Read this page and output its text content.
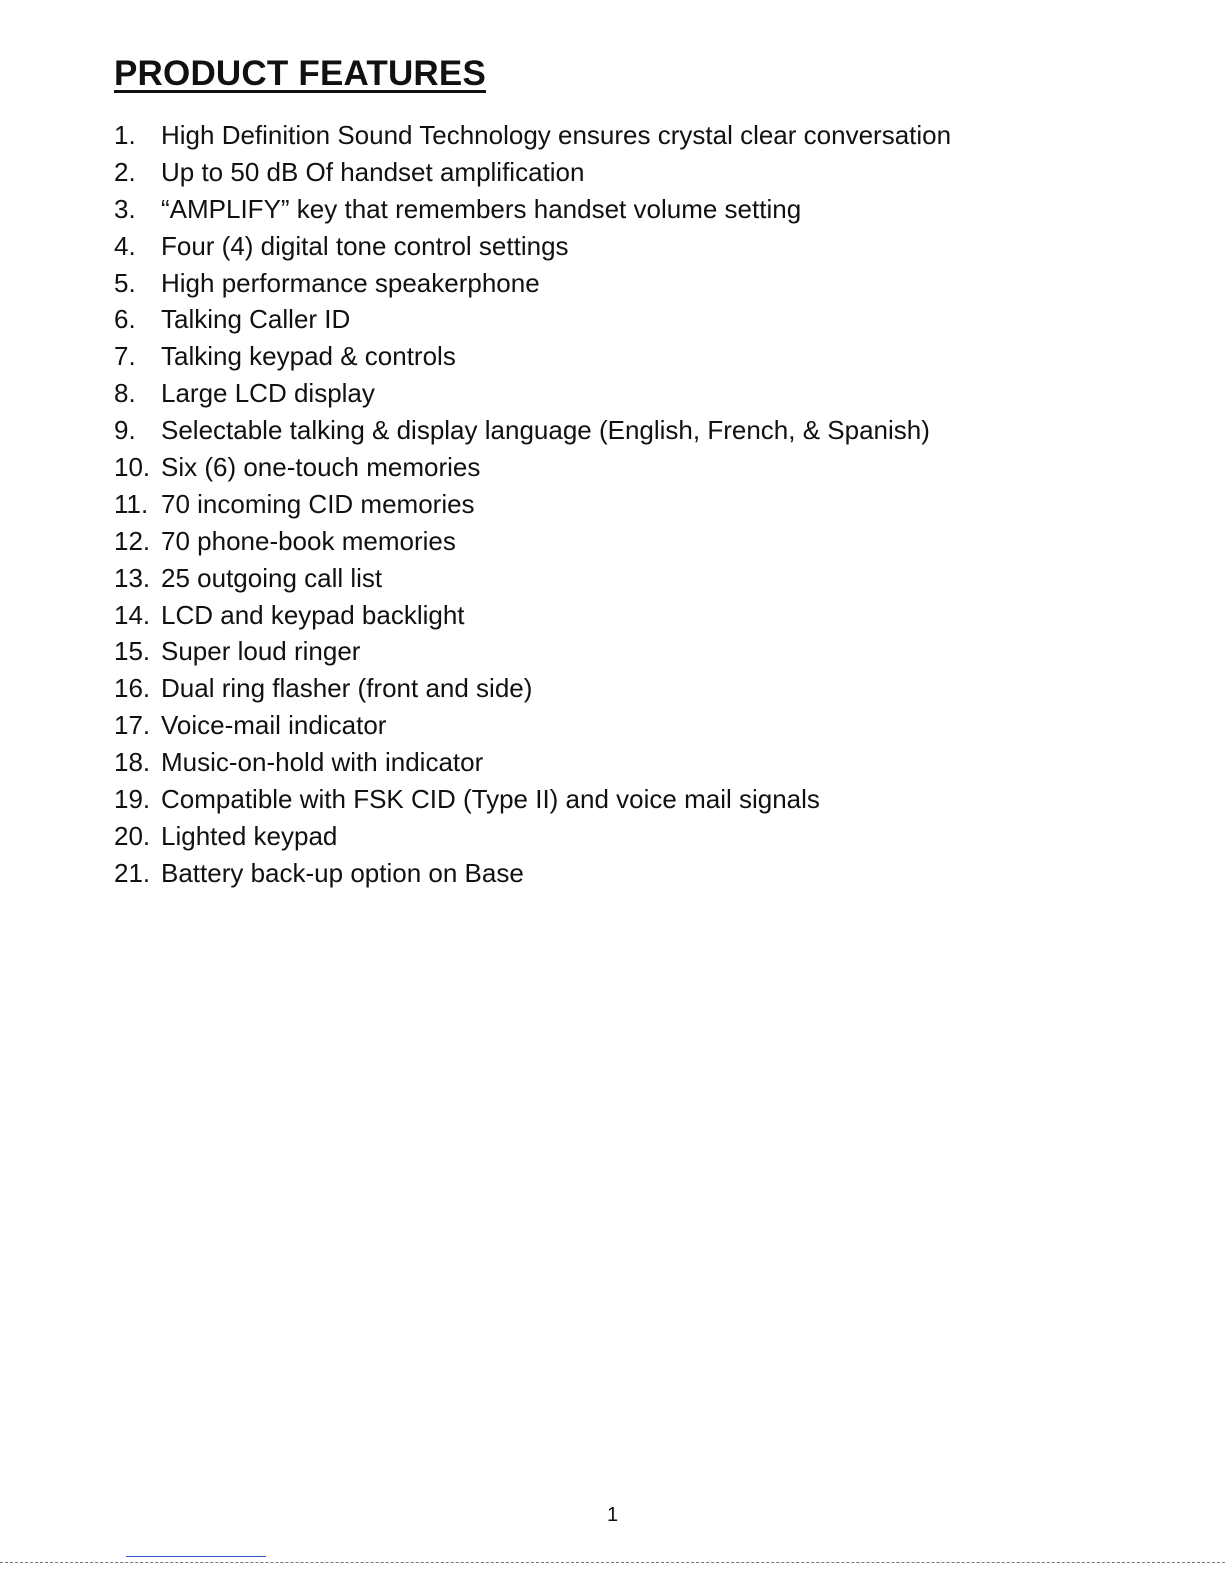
PRODUCT FEATURES
1. High Definition Sound Technology ensures crystal clear conversation
2. Up to 50 dB Of handset amplification
3. “AMPLIFY” key that remembers handset volume setting
4. Four (4) digital tone control settings
5. High performance speakerphone
6. Talking Caller ID
7. Talking keypad & controls
8. Large LCD display
9. Selectable talking & display language (English, French, & Spanish)
10. Six (6) one-touch memories
11. 70 incoming CID memories
12. 70 phone-book memories
13. 25 outgoing call list
14. LCD and keypad backlight
15. Super loud ringer
16. Dual ring flasher (front and side)
17. Voice-mail indicator
18. Music-on-hold with indicator
19. Compatible with FSK CID (Type II) and voice mail signals
20. Lighted keypad
21. Battery back-up option on Base
1
